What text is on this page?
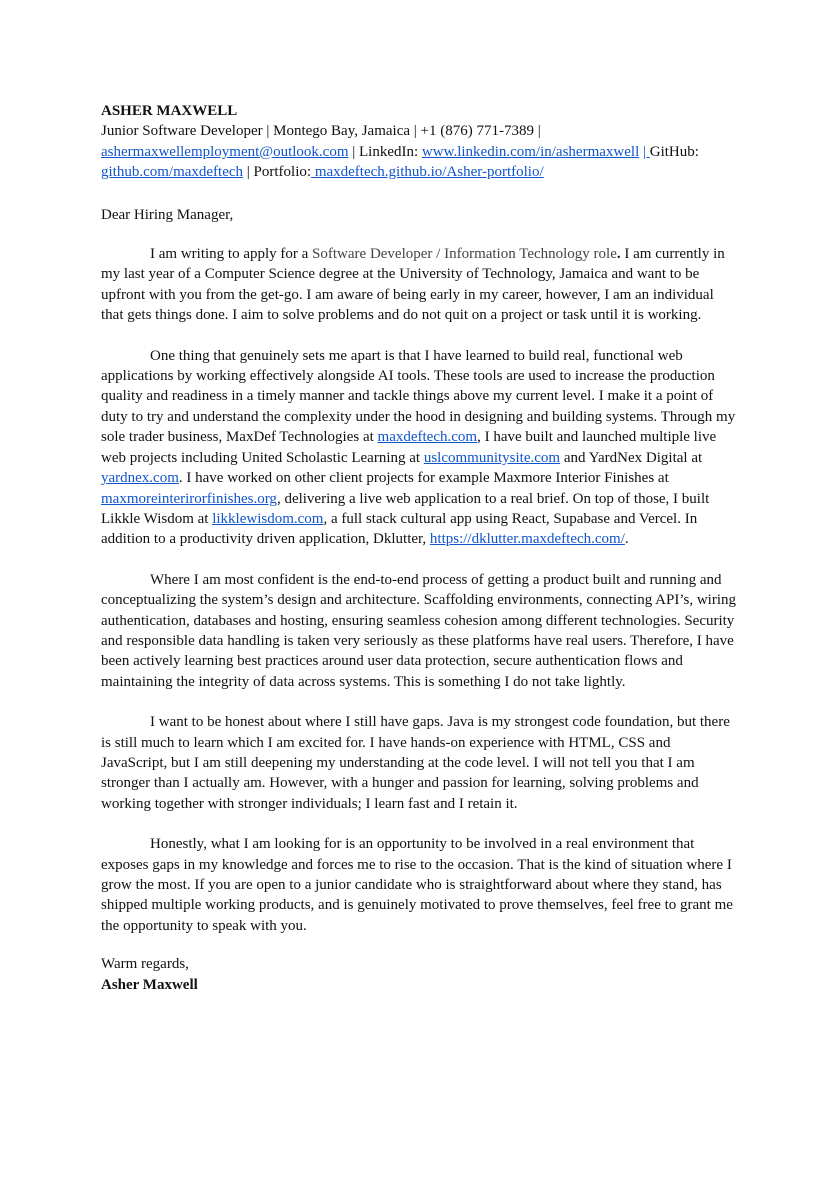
ASHER MAXWELL

Junior Software Developer | Montego Bay, Jamaica | +1 (876) 771-7389 |

ashermaxwellemployment@outlook.com | LinkedIn: www.linkedin.com/in/ashermaxwell | GitHub:

github.com/maxdeftech | Portfolio: maxdeftech.github.io/Asher-portfolio/

Dear Hiring Manager,

I am writing to apply for a Software Developer / Information Technology role. I am currently in my last year of a Computer Science degree at the University of Technology, Jamaica and want to be upfront with you from the get-go. I am aware of being early in my career, however, I am an individual that gets things done. I aim to solve problems and do not quit on a project or task until it is working.

One thing that genuinely sets me apart is that I have learned to build real, functional web applications by working effectively alongside AI tools. These tools are used to increase the production quality and readiness in a timely manner and tackle things above my current level. I make it a point of duty to try and understand the complexity under the hood in designing and building systems. Through my sole trader business, MaxDef Technologies at maxdeftech.com, I have built and launched multiple live web projects including United Scholastic Learning at uslcommunitysite.com and YardNex Digital at yardnex.com. I have worked on other client projects for example Maxmore Interior Finishes at maxmoreinterirorfinishes.org, delivering a live web application to a real brief. On top of those, I built Likkle Wisdom at likklewisdom.com, a full stack cultural app using React, Supabase and Vercel. In addition to a productivity driven application, Dklutter, https://dklutter.maxdeftech.com/.

Where I am most confident is the end-to-end process of getting a product built and running and conceptualizing the system’s design and architecture. Scaffolding environments, connecting API’s, wiring authentication, databases and hosting, ensuring seamless cohesion among different technologies. Security and responsible data handling is taken very seriously as these platforms have real users. Therefore, I have been actively learning best practices around user data protection, secure authentication flows and maintaining the integrity of data across systems. This is something I do not take lightly.

I want to be honest about where I still have gaps. Java is my strongest code foundation, but there is still much to learn which I am excited for. I have hands-on experience with HTML, CSS and JavaScript, but I am still deepening my understanding at the code level. I will not tell you that I am stronger than I actually am. However, with a hunger and passion for learning, solving problems and working together with stronger individuals; I learn fast and I retain it.

Honestly, what I am looking for is an opportunity to be involved in a real environment that exposes gaps in my knowledge and forces me to rise to the occasion. That is the kind of situation where I grow the most. If you are open to a junior candidate who is straightforward about where they stand, has shipped multiple working products, and is genuinely motivated to prove themselves, feel free to grant me the opportunity to speak with you.

Warm regards,

Asher Maxwell
